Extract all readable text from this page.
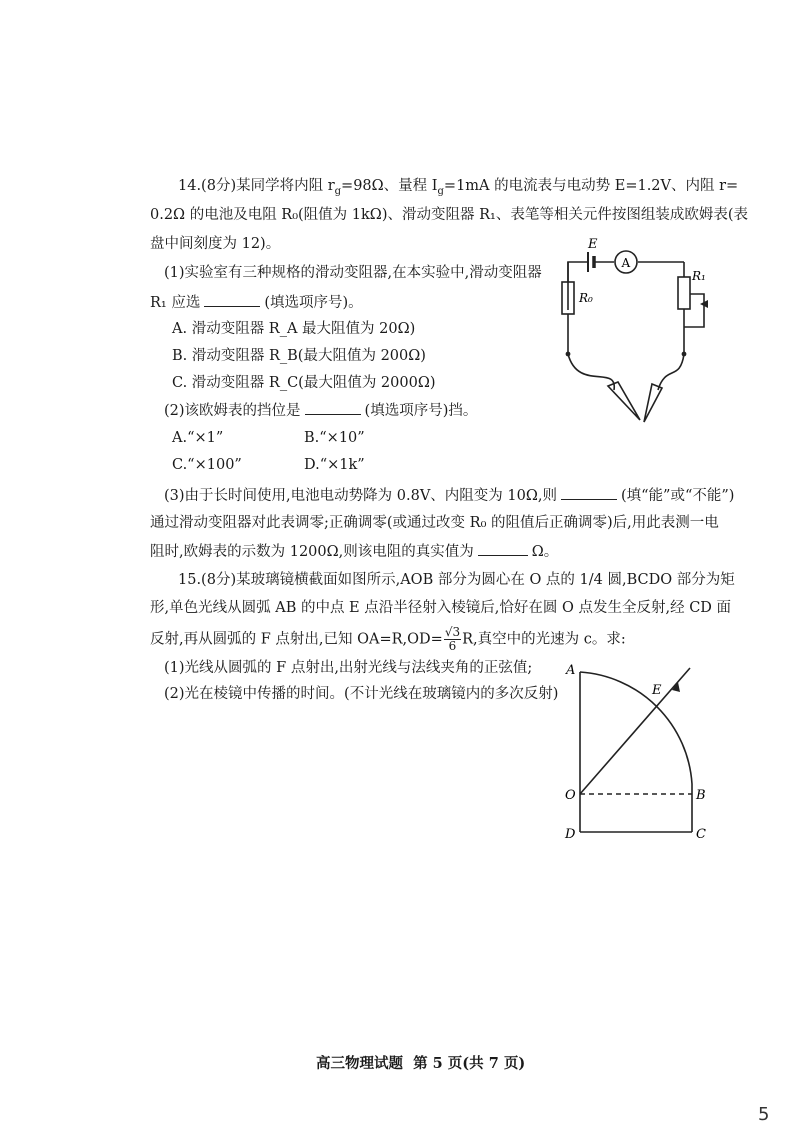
14.(8分)某同学将内阻 $r_g=98\Omega$、量程 $I_g=1mA$ 的电流表与电动势 E=1.2V、内阻 r=
0.2Ω 的电池及电阻 R₀(阻值为 1kΩ)、滑动变阻器 R₁、表笔等相关元件按图组装成欧姆表(表
盘中间刻度为 12)。
(1)实验室有三种规格的滑动变阻器,在本实验中,滑动变阻器
R₁ 应选	(填选项序号)。
A. 滑动变阻器 R_A 最大阻值为 20Ω)
B. 滑动变阻器 R_B(最大阻值为 200Ω)
C. 滑动变阻器 R_C(最大阻值为 2000Ω)
(2)该欧姆表的挡位是	(填选项序号)挡。
A.“×1”	B.“×10”
C.“×100”	D.“×1k”
(3)由于长时间使用,电池电动势降为 0.8V、内阻变为 10Ω,则	(填“能”或“不能”)
通过滑动变阻器对此表调零;正确调零(或通过改变 R₀ 的阻值后正确调零)后,用此表测一电
阻时,欧姆表的示数为 1200Ω,则该电阻的真实值为	Ω。
E
A
R₀
R₁
15.(8分)某玻璃镜横截面如图所示,AOB 部分为圆心在 O 点的 1/4 圆,BCDO 部分为矩
形,单色光线从圆弧 AB 的中点 E 点沿半径射入棱镜后,恰好在圆 O 点发生全反射,经 CD 面
反射,再从圆弧的 F 点射出,已知 $OA=R,OD= \frac{√3}{6} R$,真空中的光速为 c。求:
(1)光线从圆弧的 F 点射出,出射光线与法线夹角的正弦值;
(2)光在棱镜中传播的时间。(不计光线在玻璃镜内的多次反射)
A
E
O	B
D	C
高三物理试题 第 5 页(共 7 页)
5
